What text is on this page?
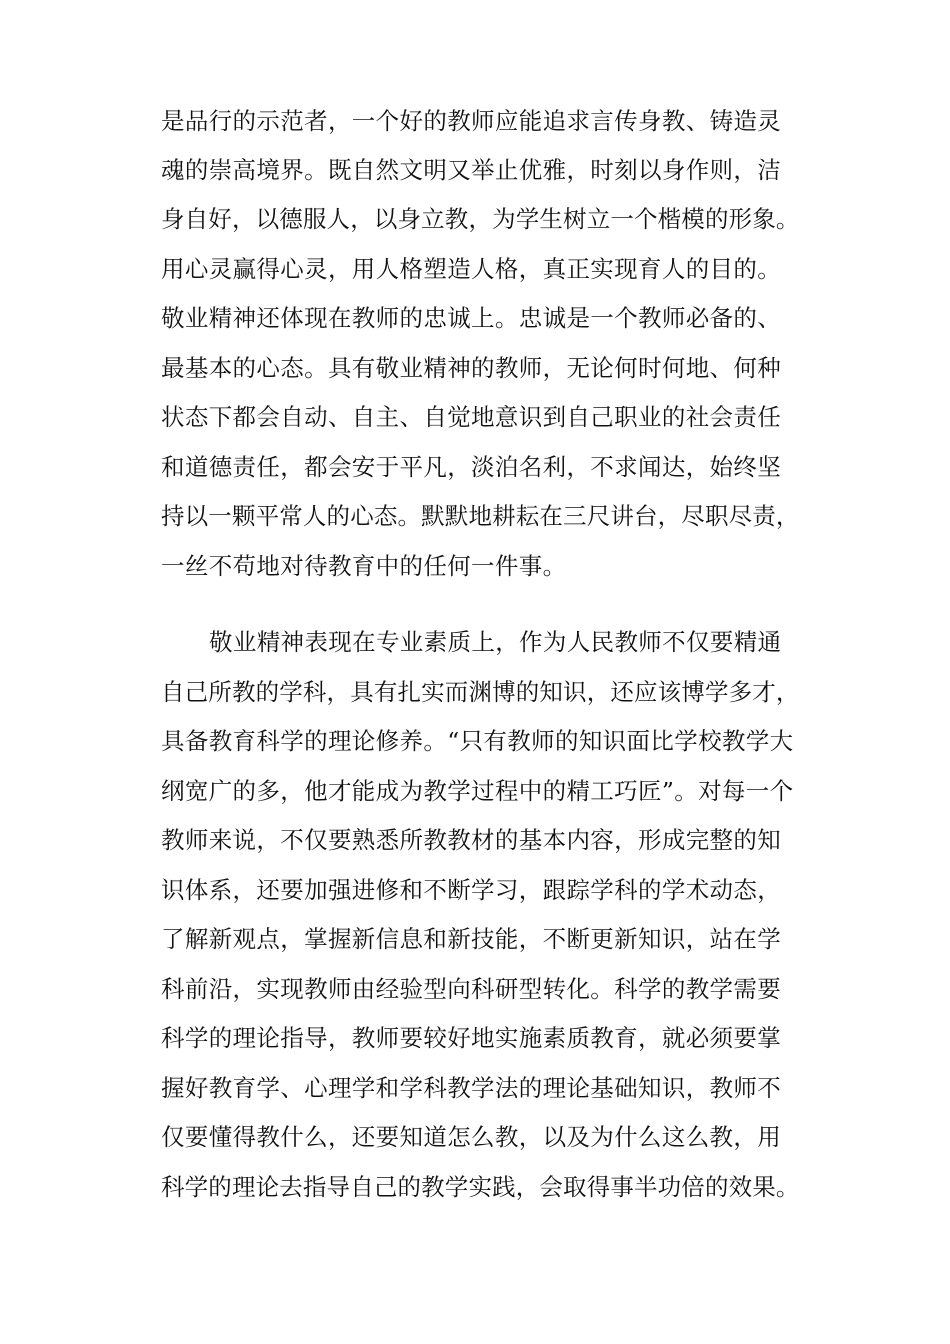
是品行的示范者，一个好的教师应能追求言传身教、铸造灵

魂的崇高境界。既自然文明又举止优雅，时刻以身作则，洁

身自好，以德服人，以身立教，为学生树立一个楷模的形象。

用心灵赢得心灵，用人格塑造人格，真正实现育人的目的。

敬业精神还体现在教师的忠诚上。忠诚是一个教师必备的、

最基本的心态。具有敬业精神的教师，无论何时何地、何种

状态下都会自动、自主、自觉地意识到自己职业的社会责任

和道德责任，都会安于平凡，淡泊名利，不求闻达，始终坚

持以一颗平常人的心态。默默地耕耘在三尺讲台，尽职尽责，

一丝不苟地对待教育中的任何一件事。

敬业精神表现在专业素质上，作为人民教师不仅要精通

自己所教的学科，具有扎实而渊博的知识，还应该博学多才，

具备教育科学的理论修养。“只有教师的知识面比学校教学大

纲宽广的多，他才能成为教学过程中的精工巧匠”。对每一个

教师来说，不仅要熟悉所教教材的基本内容，形成完整的知

识体系，还要加强进修和不断学习，跟踪学科的学术动态，

了解新观点，掌握新信息和新技能，不断更新知识，站在学

科前沿，实现教师由经验型向科研型转化。科学的教学需要

科学的理论指导，教师要较好地实施素质教育，就必须要掌

握好教育学、心理学和学科教学法的理论基础知识，教师不

仅要懂得教什么，还要知道怎么教，以及为什么这么教，用

科学的理论去指导自己的教学实践，会取得事半功倍的效果。
